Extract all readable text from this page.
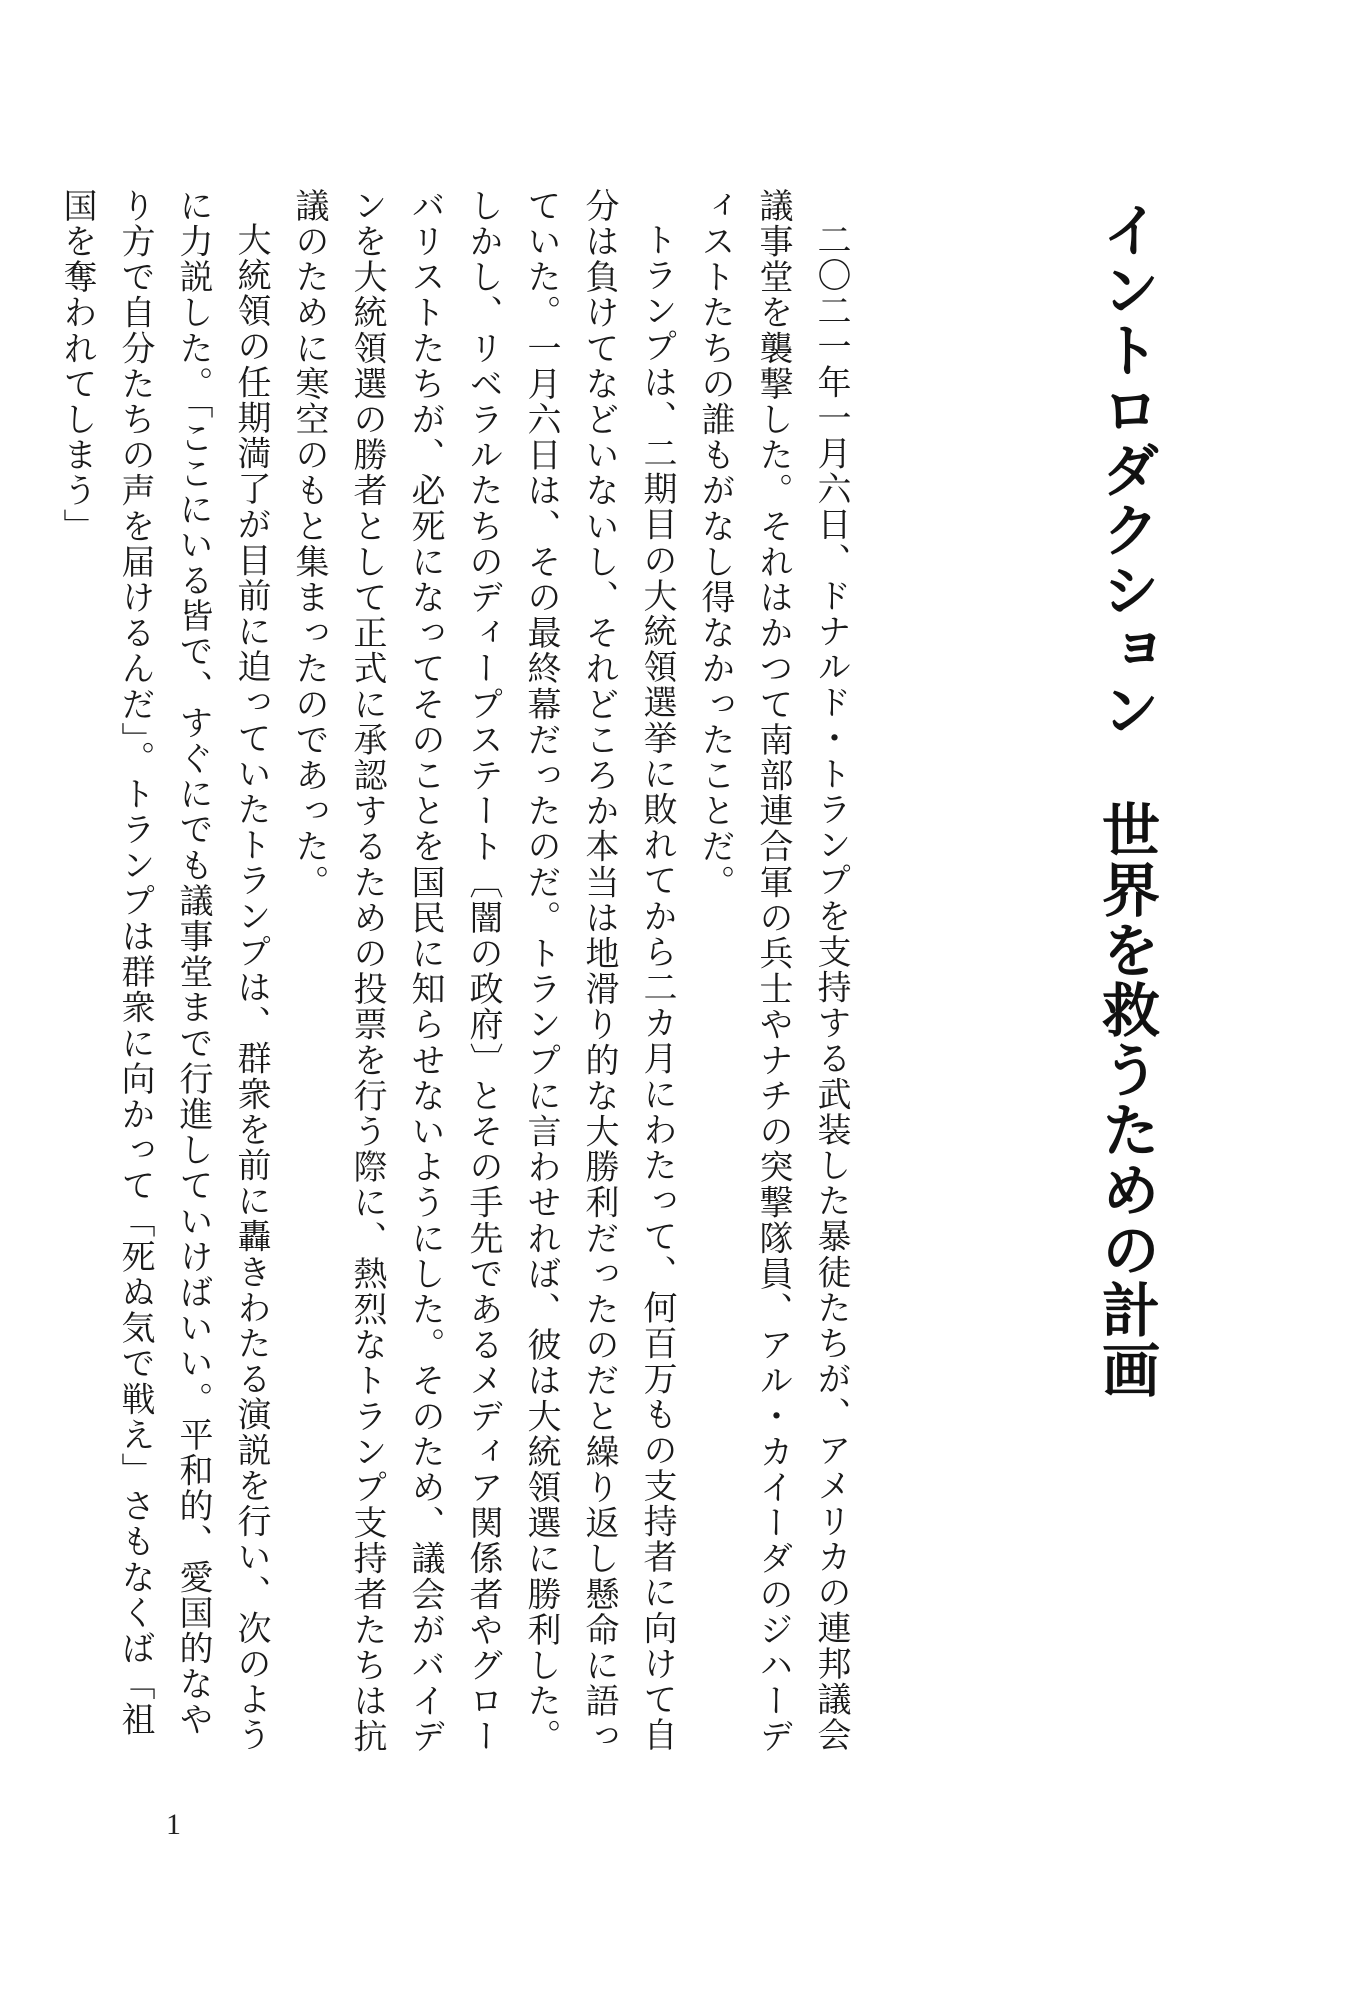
イントロダクション　世界を救うための計画

二〇二一年一月六日、ドナルド・トランプを支持する武装した暴徒たちが、アメリカの連邦議会議事堂を襲撃した。それはかつて南部連合軍の兵士やナチの突撃隊員、アル・カイーダのジハーディストたちの誰もがなし得なかったことだ。

トランプは、二期目の大統領選挙に敗れてから二カ月にわたって、何百万もの支持者に向けて自分は負けてなどいないし、それどころか本当は地滑り的な大勝利だったのだと繰り返し懸命に語っていた。一月六日は、その最終幕だったのだ。トランプに言わせれば、彼は大統領選に勝利した。しかし、リベラルたちのディープステート〔闇の政府〕とその手先であるメディア関係者やグローバリストたちが、必死になってそのことを国民に知らせないようにした。そのため、議会がバイデンを大統領選の勝者として正式に承認するための投票を行う際に、熱烈なトランプ支持者たちは抗議のために寒空のもと集まったのであった。

大統領の任期満了が目前に迫っていたトランプは、群衆を前に轟きわたる演説を行い、次のように力説した。「ここにいる皆で、すぐにでも議事堂まで行進していけばいい。平和的、愛国的なやり方で自分たちの声を届けるんだ」。トランプは群衆に向かって「死ぬ気で戦え」さもなくば「祖国を奪われてしまう」

1
